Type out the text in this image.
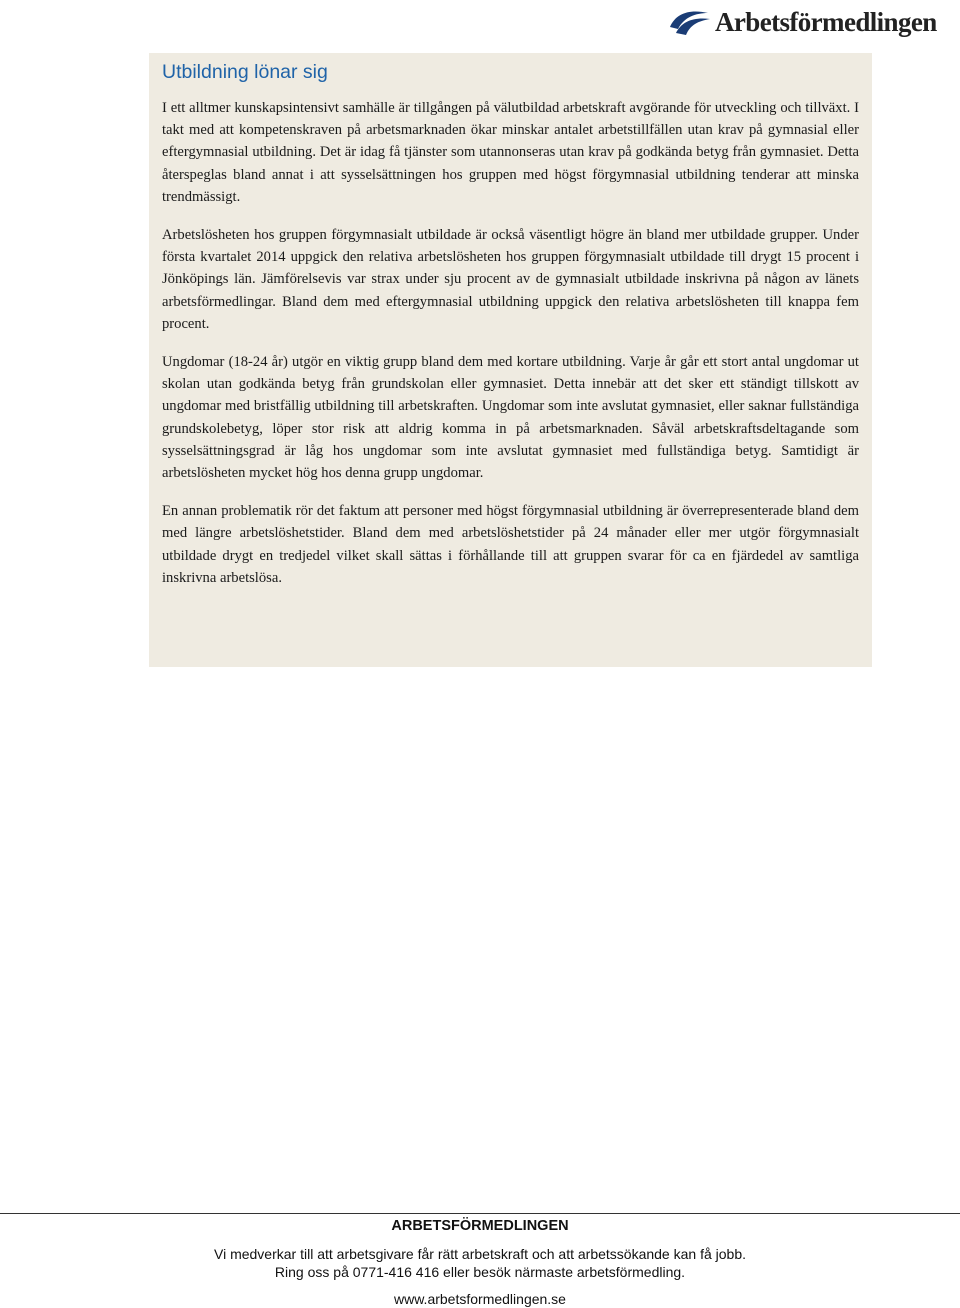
Arbetsförmedlingen
Utbildning lönar sig

I ett alltmer kunskapsintensivt samhälle är tillgången på välutbildad arbetskraft avgörande för utveckling och tillväxt. I takt med att kompetenskraven på arbetsmarknaden ökar minskar antalet arbetstillfällen utan krav på gymnasial eller eftergymnasial utbildning. Det är idag få tjänster som utannonseras utan krav på godkända betyg från gymnasiet. Detta återspeglas bland annat i att sysselsättningen hos gruppen med högst förgymnasial utbildning tenderar att minska trendmässigt.

Arbetslösheten hos gruppen förgymnasialt utbildade är också väsentligt högre än bland mer utbildade grupper. Under första kvartalet 2014 uppgick den relativa arbetslösheten hos gruppen förgymnasialt utbildade till drygt 15 procent i Jönköpings län. Jämförelsevis var strax under sju procent av de gymnasialt utbildade inskrivna på någon av länets arbetsförmedlingar. Bland dem med eftergymnasial utbildning uppgick den relativa arbetslösheten till knappa fem procent.

Ungdomar (18-24 år) utgör en viktig grupp bland dem med kortare utbildning. Varje år går ett stort antal ungdomar ut skolan utan godkända betyg från grundskolan eller gymnasiet. Detta innebär att det sker ett ständigt tillskott av ungdomar med bristfällig utbildning till arbetskraften. Ungdomar som inte avslutat gymnasiet, eller saknar fullständiga grundskolebetyg, löper stor risk att aldrig komma in på arbetsmarknaden. Såväl arbetskraftsdeltagande som sysselsättningsgrad är låg hos ungdomar som inte avslutat gymnasiet med fullständiga betyg. Samtidigt är arbetslösheten mycket hög hos denna grupp ungdomar.

En annan problematik rör det faktum att personer med högst förgymnasial utbildning är överrepresenterade bland dem med längre arbetslöshetstider. Bland dem med arbetslöshetstider på 24 månader eller mer utgör förgymnasialt utbildade drygt en tredjedel vilket skall sättas i förhållande till att gruppen svarar för ca en fjärdedel av samtliga inskrivna arbetslösa.

ARBETSFÖRMEDLINGEN
Vi medverkar till att arbetsgivare får rätt arbetskraft och att arbetssökande kan få jobb.
Ring oss på 0771-416 416 eller besök närmaste arbetsförmedling.
www.arbetsformedlingen.se
